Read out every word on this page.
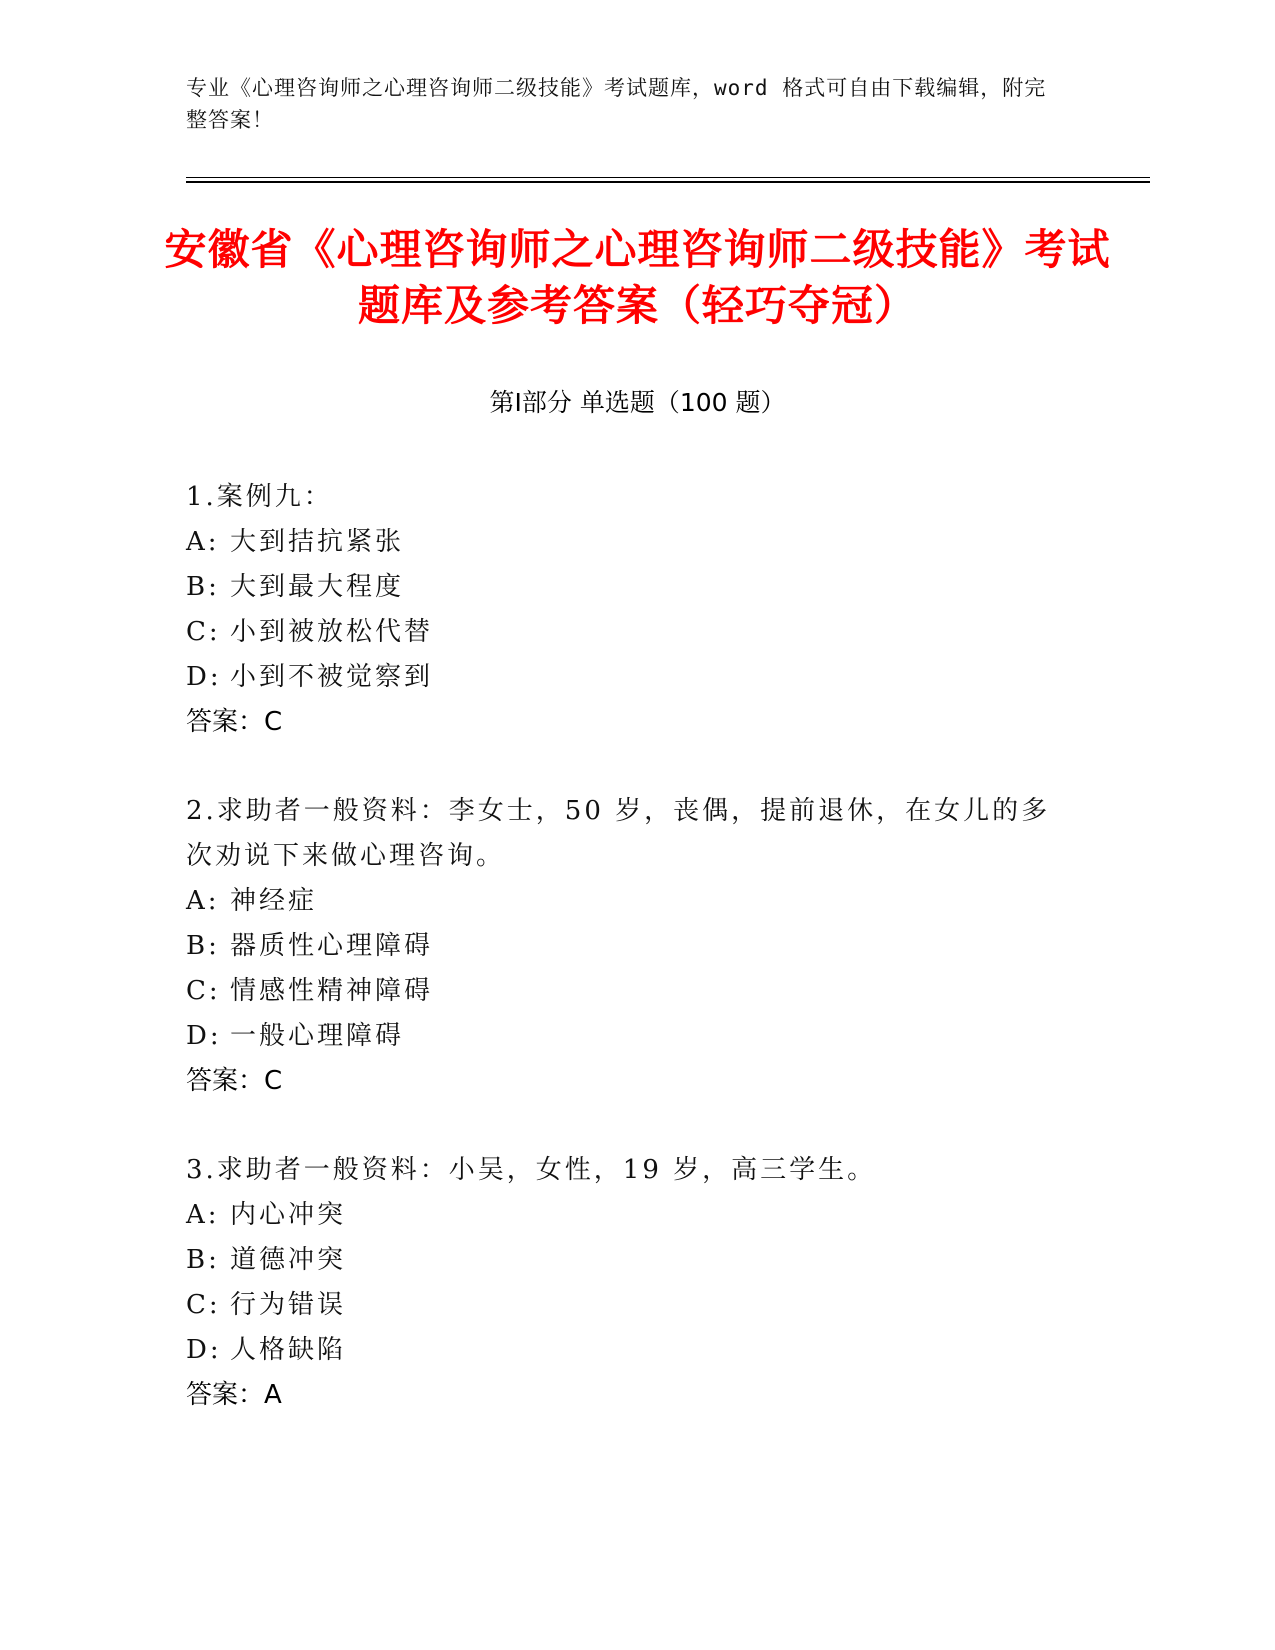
专业《心理咨询师之心理咨询师二级技能》考试题库，word 格式可自由下载编辑，附完整答案！
安徽省《心理咨询师之心理咨询师二级技能》考试题库及参考答案（轻巧夺冠）
第Ⅰ部分 单选题（100 题）

1.案例九：

A: 大到拮抗紧张

B: 大到最大程度

C: 小到被放松代替

D: 小到不被觉察到

答案：C

2.求助者一般资料：李女士，50 岁，丧偶，提前退休，在女儿的多次劝说下来做心理咨询。

A: 神经症

B: 器质性心理障碍

C: 情感性精神障碍

D: 一般心理障碍

答案：C

3.求助者一般资料：小吴，女性，19 岁，高三学生。

A: 内心冲突

B: 道德冲突

C: 行为错误

D: 人格缺陷

答案：A
